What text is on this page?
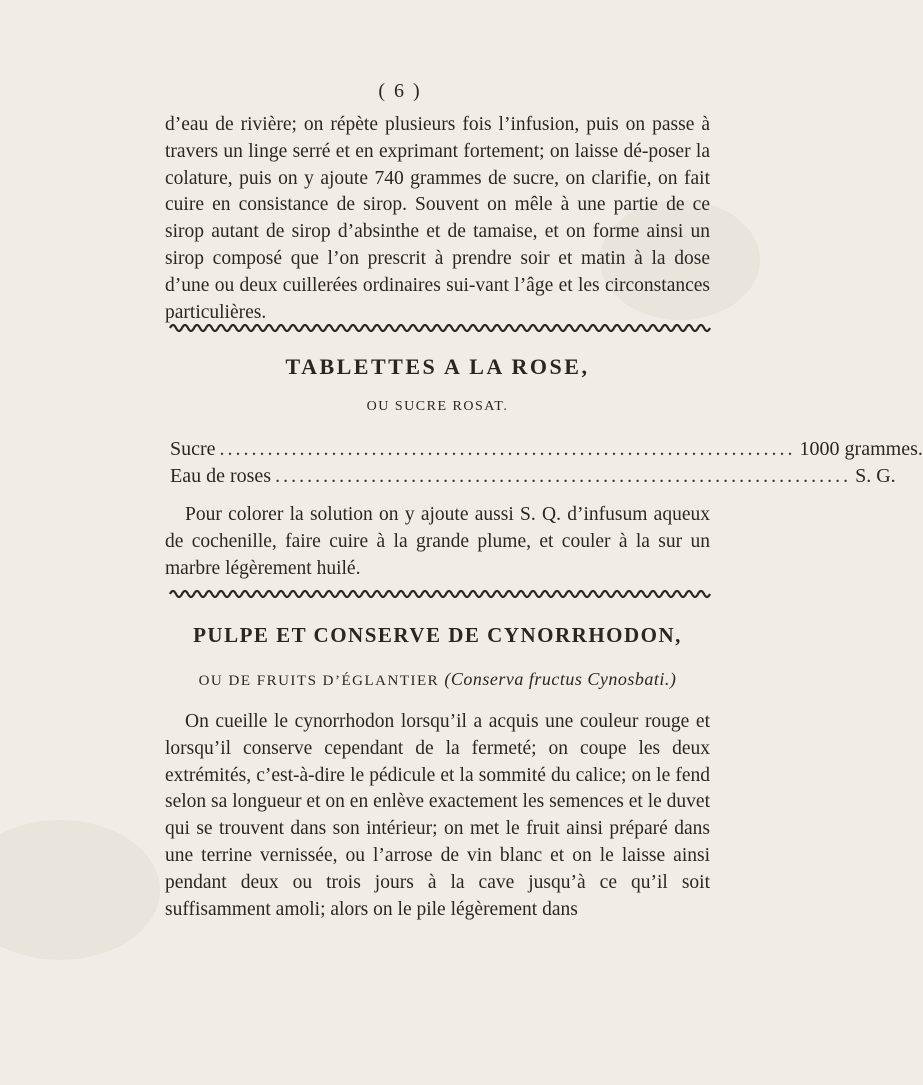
( 6 )
d’eau de rivière; on répète plusieurs fois l’infusion, puis on passe à travers un linge serré et en exprimant fortement; on laisse dé-poser la colature, puis on y ajoute 740 grammes de sucre, on clarifie, on fait cuire en consistance de sirop. Souvent on mêle à une partie de ce sirop autant de sirop d’absinthe et de tamaise, et on forme ainsi un sirop composé que l’on prescrit à prendre soir et matin à la dose d’une ou deux cuillerées ordinaires sui-vant l’âge et les circonstances particulières.
TABLETTES A LA ROSE,
OU SUCRE ROSAT.
Sucre ........................................................................ 1000 grammes.
Eau de roses ........................................................................ S. G.
Pour colorer la solution on y ajoute aussi S. Q. d’infusum aqueux de cochenille, faire cuire à la grande plume, et couler à la sur un marbre légèrement huilé.
PULPE ET CONSERVE DE CYNORRHODON,
OU DE FRUITS D’ÉGLANTIER (Conserva fructus Cynosbati.)
On cueille le cynorrhodon lorsqu’il a acquis une couleur rouge et lorsqu’il conserve cependant de la fermeté; on coupe les deux extrémités, c’est-à-dire le pédicule et la sommité du calice; on le fend selon sa longueur et on en enlève exactement les semences et le duvet qui se trouvent dans son intérieur; on met le fruit ainsi préparé dans une terrine vernissée, ou l’arrose de vin blanc et on le laisse ainsi pendant deux ou trois jours à la cave jusqu’à ce qu’il soit suffisamment amoli; alors on le pile légèrement dans
